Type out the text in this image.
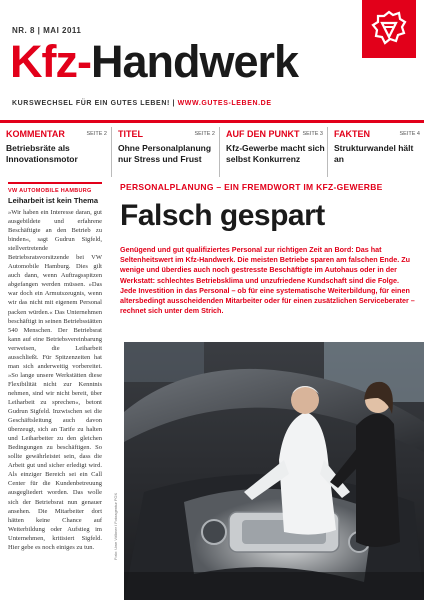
NR. 8 | MAI 2011
Kfz-Handwerk
KURSWECHSEL FÜR EIN GUTES LEBEN! | WWW.GUTES-LEBEN.DE
KOMMENTAR	SEITE 2
Betriebsräte als Innovationsmotor
TITEL	SEITE 2
Ohne Personalplanung nur Stress und Frust
AUF DEN PUNKT SEITE 3
Kfz-Gewerbe macht sich selbst Konkurrenz
FAKTEN	SEITE 4
Strukturwandel hält an
VW AUTOMOBILE HAMBURG
Leiharbeit ist kein Thema
»Wir haben ein Interesse daran, gut ausgebildete und erfahrene Beschäftigte an den Betrieb zu binden«, sagt Gudrun Sigfeld, stellvertretende Betriebsratsvorsitzende bei VW Automobile Hamburg. Dies gilt auch dann, wenn Auftragsspitzen abgefangen werden müssen. »Das war doch ein Armutszeugnis, wenn wir das nicht mit eigenem Personal packen würden.« Das Unternehmen beschäftigt in seinen Betriebsstätten 540 Menschen. Der Betriebsrat kann auf eine Betriebsvereinbarung verweisen, die Leiharbeit ausschließt. Für Spitzenzeiten hat man sich anderweitig vorbereitet. »So lange unsere Werkstätten diese Flexibilität nicht zur Kenntnis nehmen, sind wir nicht bereit, über Leiharbeit zu sprechen«, betont Gudrun Sigfeld. Inzwischen sei die Geschäftsleitung auch davon überzeugt, sich an Tarife zu halten und Leiharbeiter zu den gleichen Bedingungen zu beschäftigen. So sollte gewährleistet sein, dass die Arbeit gut und sicher erledigt wird. Als einziger Bereich sei ein Call Center für die Kundenbetreuung ausgegliedert worden. Das wolle sich der Betriebsrat nun genauer ansehen. Die Mitarbeiter dort hätten keine Chance auf Weiterbildung oder Aufstieg im Unternehmen, kritisiert Sigfeld. Hier gebe es noch einiges zu tun.
PERSONALPLANUNG – EIN FREMDWORT IM KFZ-GEWERBE
Falsch gespart
Genügend und gut qualifiziertes Personal zur richtigen Zeit an Bord: Das hat Seltenheitswert im Kfz-Handwerk. Die meisten Betriebe sparen am falschen Ende. Zu wenige und überdies auch noch gestresste Beschäftigte im Autohaus oder in der Werkstatt: schlechtes Betriebsklima und unzufriedene Kundschaft sind die Folge. Jede Investition in das Personal – ob für eine systematische Weiterbildung, für einen altersbedingt ausscheidenden Mitarbeiter oder für einen zusätzlichen Serviceberater – rechnet sich unter dem Strich.
Foto: Uwe Völkner / Fotoagentur FOX
